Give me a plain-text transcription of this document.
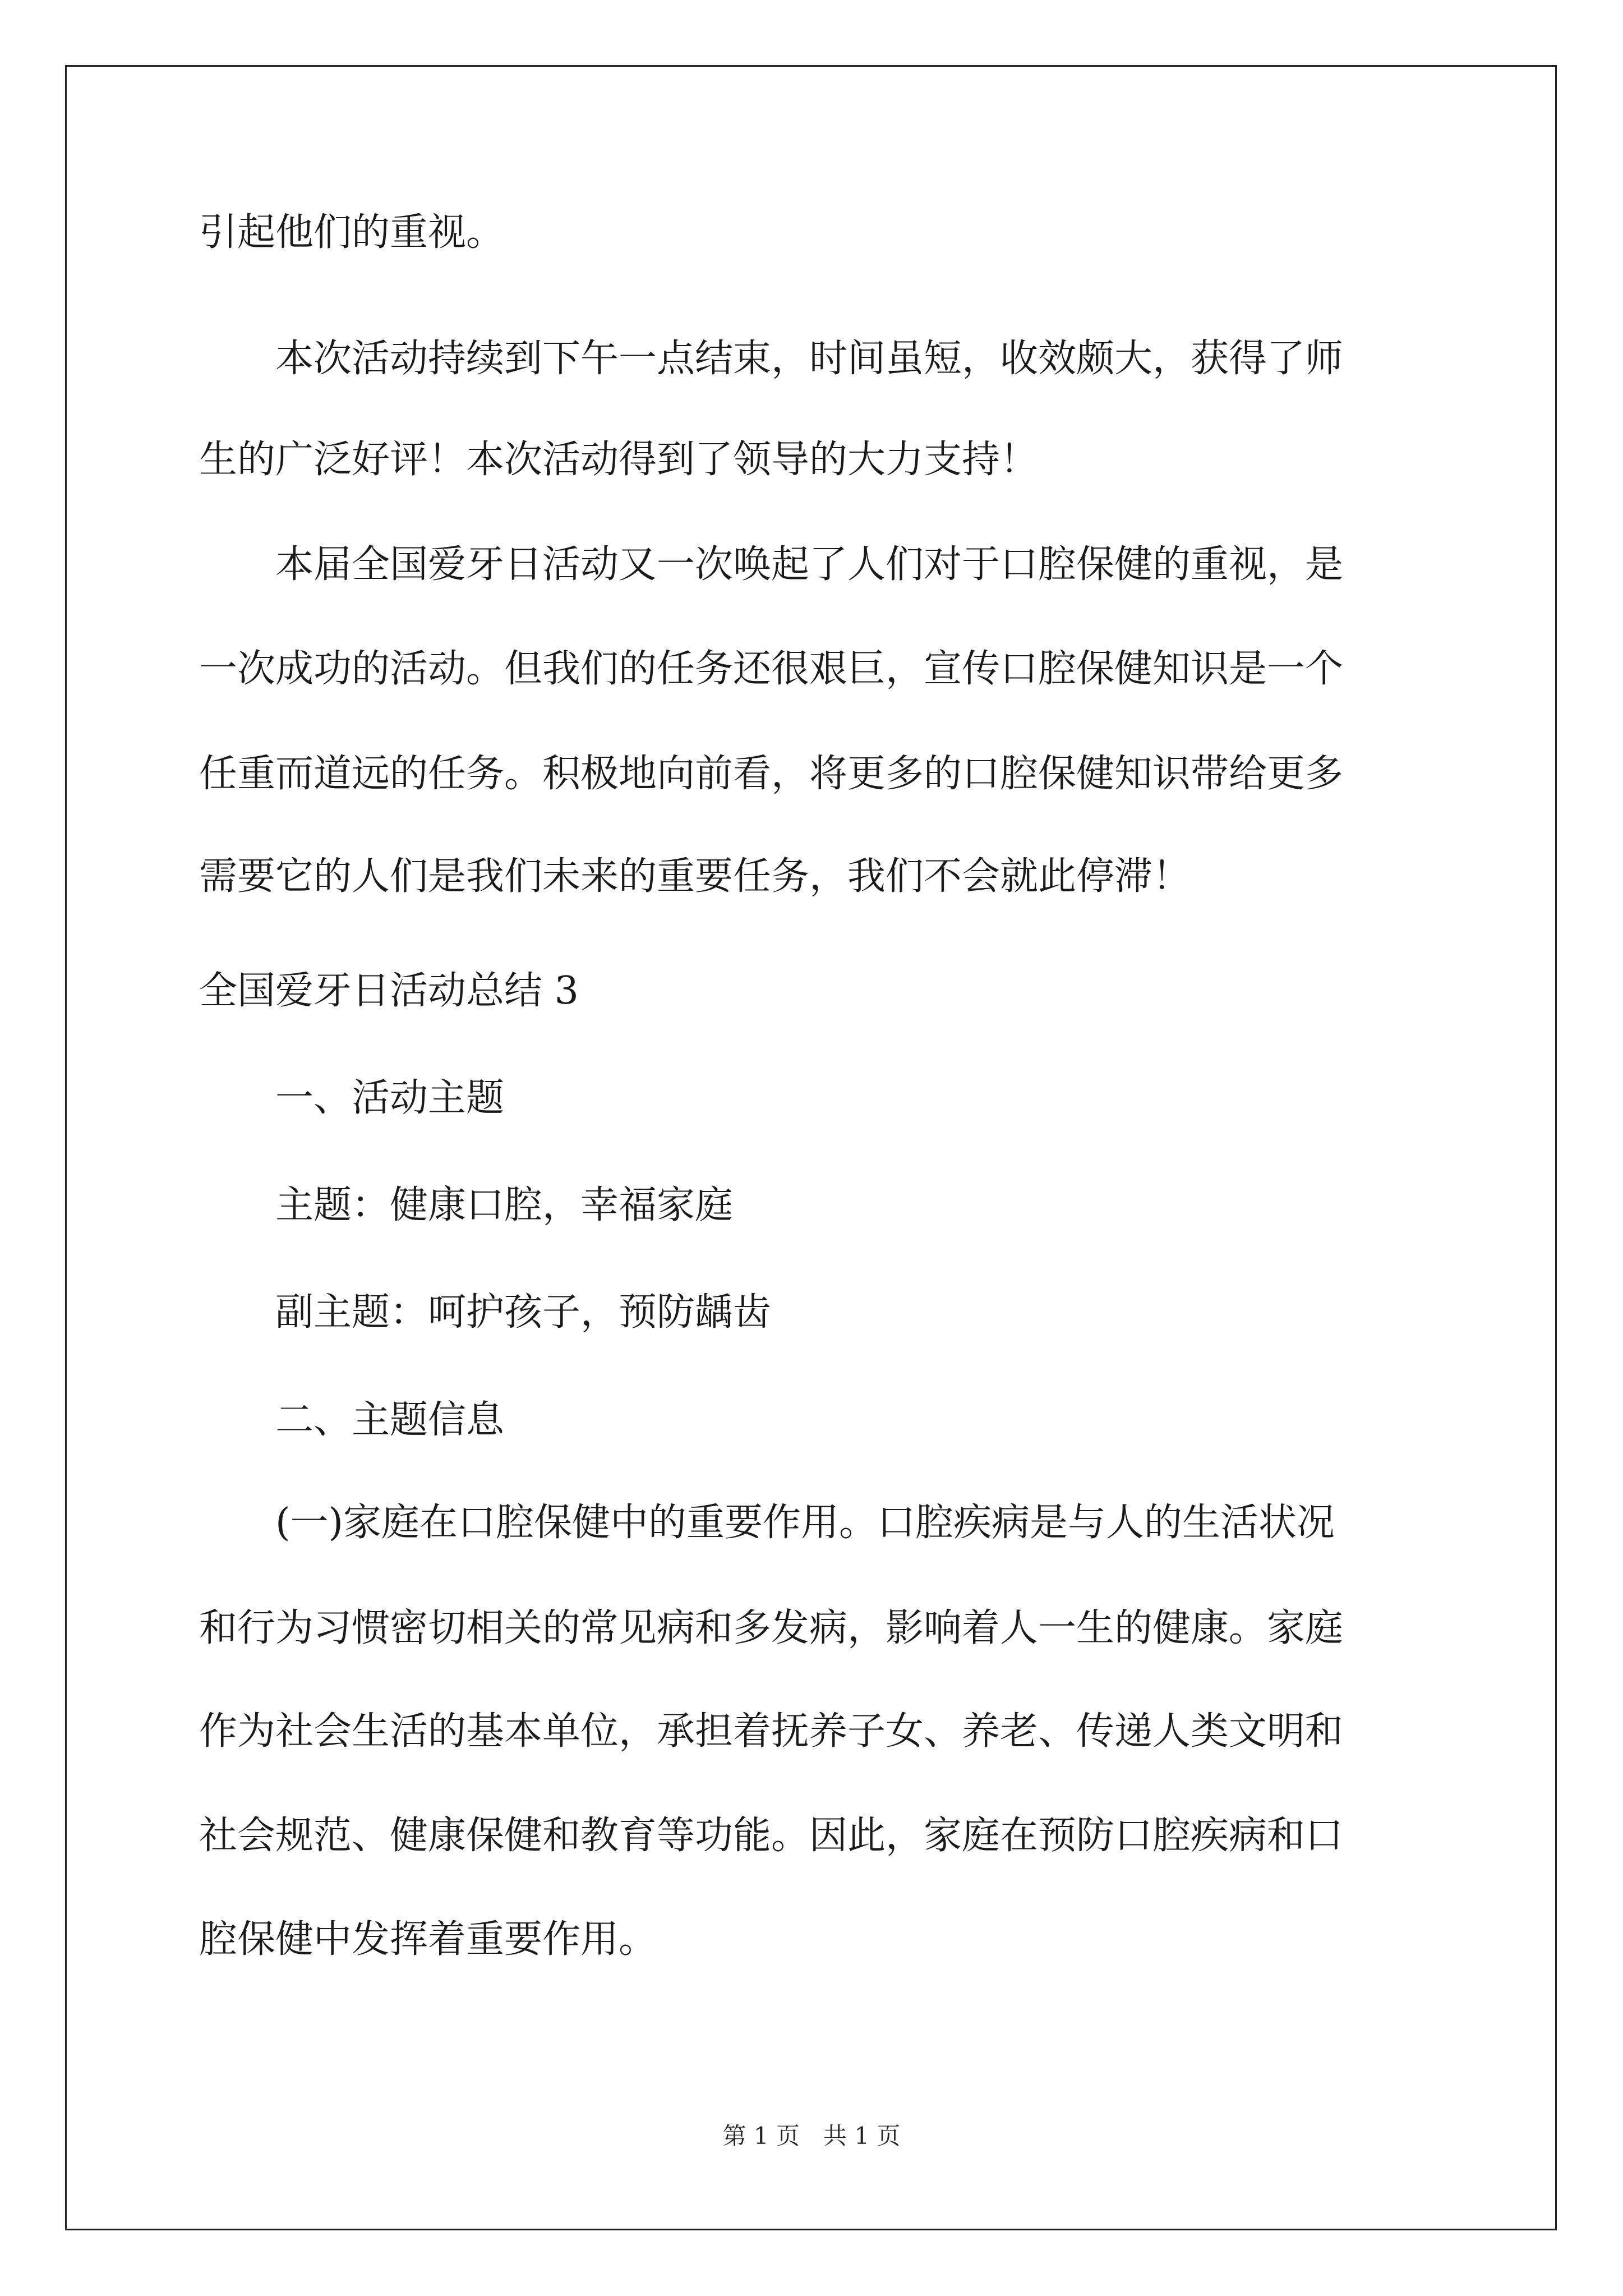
引起他们的重视。
　　本次活动持续到下午一点结束，时间虽短，收效颇大，获得了师
生的广泛好评！本次活动得到了领导的大力支持！
　　本届全国爱牙日活动又一次唤起了人们对于口腔保健的重视，是
一次成功的活动。但我们的任务还很艰巨，宣传口腔保健知识是一个
任重而道远的任务。积极地向前看，将更多的口腔保健知识带给更多
需要它的人们是我们未来的重要任务，我们不会就此停滞！
全国爱牙日活动总结 3
　　一、活动主题
　　主题：健康口腔，幸福家庭
　　副主题：呵护孩子，预防龋齿
　　二、主题信息
　　(一)家庭在口腔保健中的重要作用。口腔疾病是与人的生活状况
和行为习惯密切相关的常见病和多发病，影响着人一生的健康。家庭
作为社会生活的基本单位，承担着抚养子女、养老、传递人类文明和
社会规范、健康保健和教育等功能。因此，家庭在预防口腔疾病和口
腔保健中发挥着重要作用。
第 1 页　共 1 页
